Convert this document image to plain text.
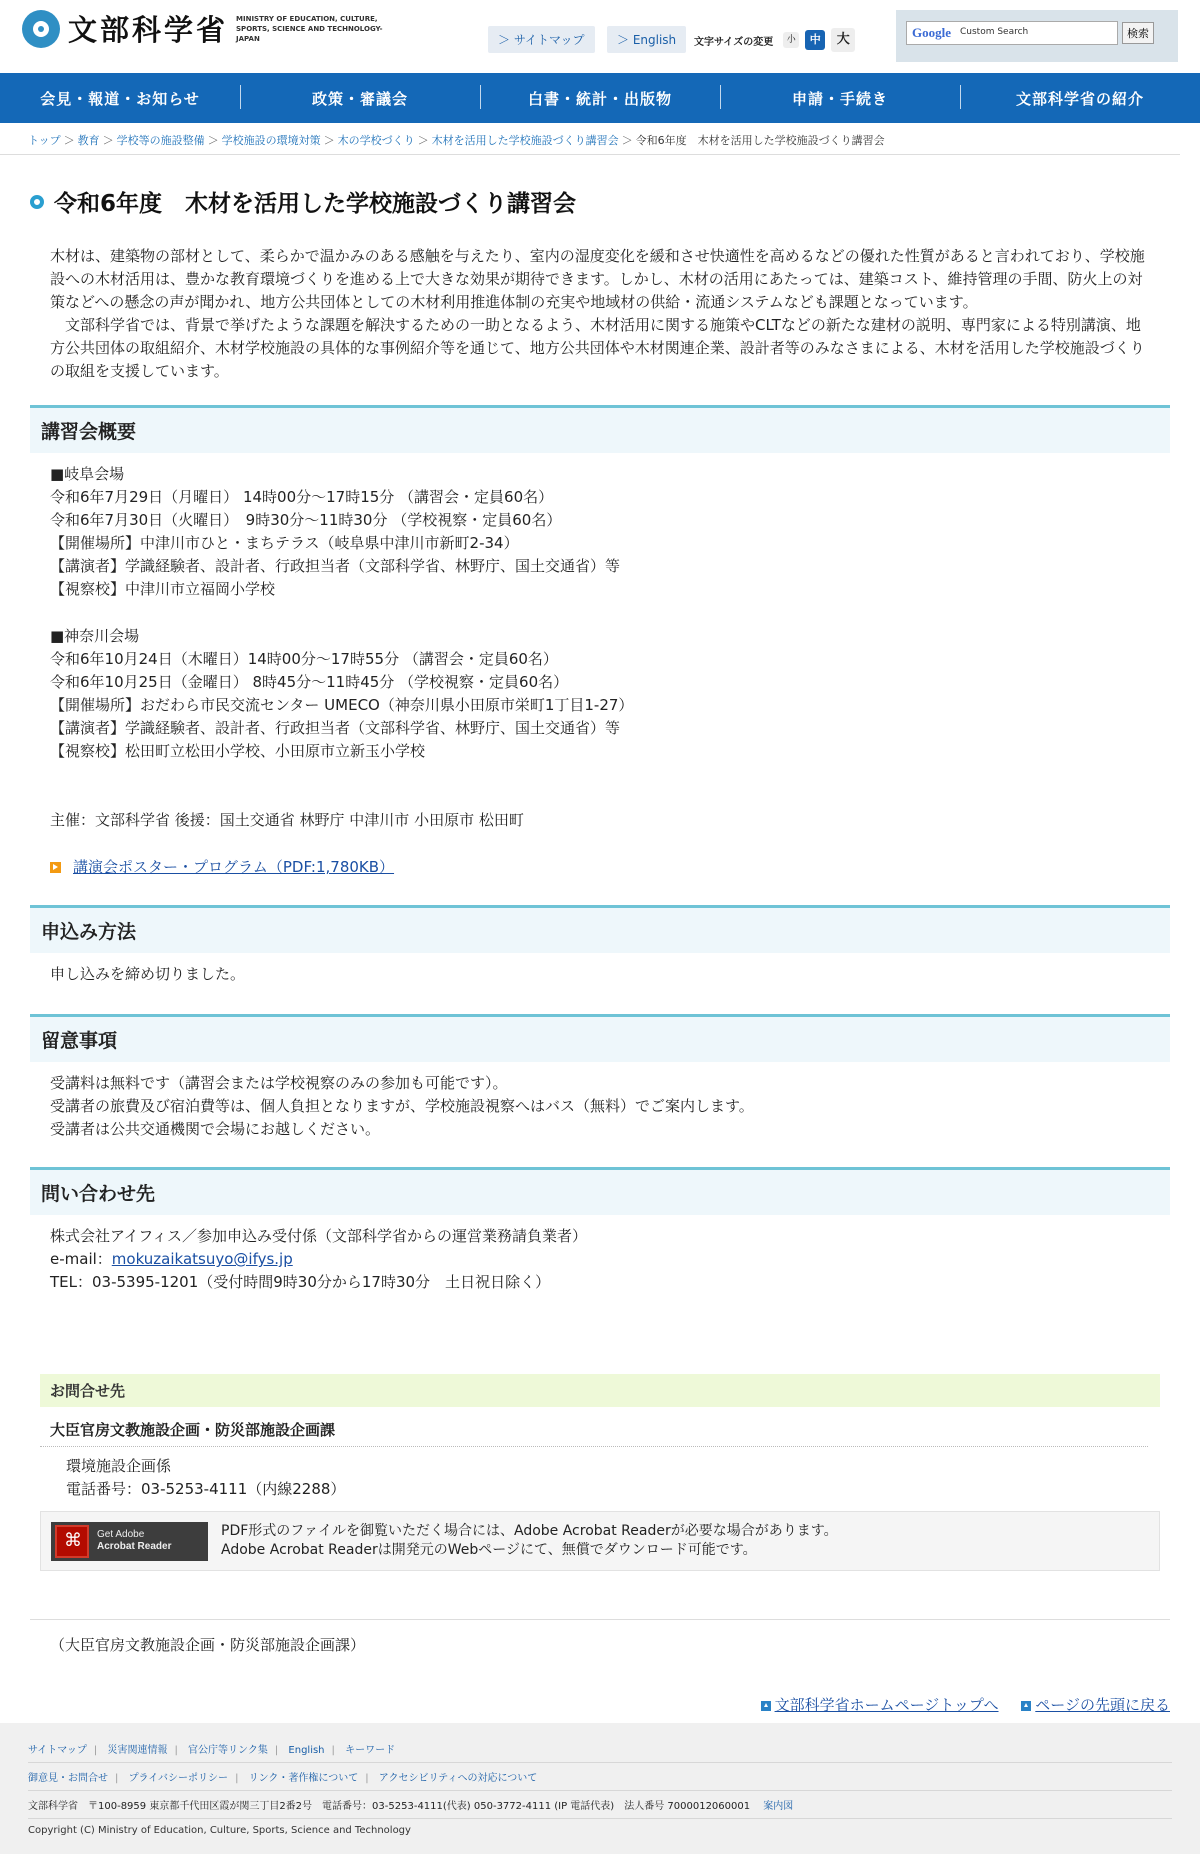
文部科学省 MINISTRY OF EDUCATION, CULTURE, SPORTS, SCIENCE AND TECHNOLOGY-JAPAN	＞ サイトマップ	＞ English	文字サイズの変更	小	中	大	Google Custom Search	検索
会見・報道・お知らせ	政策・審議会	白書・統計・出版物	申請・手続き	文部科学省の紹介
トップ ＞ 教育 ＞ 学校等の施設整備 ＞ 学校施設の環境対策 ＞ 木の学校づくり ＞ 木材を活用した学校施設づくり講習会 ＞ 令和6年度　木材を活用した学校施設づくり講習会
令和6年度　木材を活用した学校施設づくり講習会

木材は、建築物の部材として、柔らかで温かみのある感触を与えたり、室内の湿度変化を緩和させ快適性を高めるなどの優れた性質があると言われており、学校施設への木材活用は、豊かな教育環境づくりを進める上で大きな効果が期待できます。しかし、木材の活用にあたっては、建築コスト、維持管理の手間、防火上の対策などへの懸念の声が聞かれ、地方公共団体としての木材利用推進体制の充実や地域材の供給・流通システムなども課題となっています。

文部科学省では、背景で挙げたような課題を解決するための一助となるよう、木材活用に関する施策やCLTなどの新たな建材の説明、専門家による特別講演、地方公共団体の取組紹介、木材学校施設の具体的な事例紹介等を通じて、地方公共団体や木材関連企業、設計者等のみなさまによる、木材を活用した学校施設づくりの取組を支援しています。

講習会概要
■岐阜会場
令和6年7月29日（月曜日） 14時00分～17時15分 （講習会・定員60名）
令和6年7月30日（火曜日）　9時30分～11時30分 （学校視察・定員60名）
【開催場所】中津川市ひと・まちテラス（岐阜県中津川市新町2-34）
【講演者】学識経験者、設計者、行政担当者（文部科学省、林野庁、国土交通省）等
【視察校】中津川市立福岡小学校
■神奈川会場
令和6年10月24日（木曜日）14時00分～17時55分 （講習会・定員60名）
令和6年10月25日（金曜日） 8時45分～11時45分 （学校視察・定員60名）
【開催場所】おだわら市民交流センター UMECO（神奈川県小田原市栄町1丁目1-27）
【講演者】学識経験者、設計者、行政担当者（文部科学省、林野庁、国土交通省）等
【視察校】松田町立松田小学校、小田原市立新玉小学校
主催：文部科学省 後援：国土交通省 林野庁 中津川市 小田原市 松田町
講演会ポスター・プログラム（PDF:1,780KB）
申込み方法
申し込みを締め切りました。
留意事項
受講料は無料です（講習会または学校視察のみの参加も可能です）。
受講者の旅費及び宿泊費等は、個人負担となりますが、学校施設視察へはバス（無料）でご案内します。
受講者は公共交通機関で会場にお越しください。
問い合わせ先
株式会社アイフィス／参加申込み受付係（文部科学省からの運営業務請負業者）
e-mail：mokuzaikatsuyo@ifys.jp
TEL：03-5395-1201（受付時間9時30分から17時30分　土日祝日除く）
お問合せ先
大臣官房文教施設企画・防災部施設企画課
環境施設企画係
電話番号：03-5253-4111（内線2288）
⌘
Get Adobe
Acrobat Reader
PDF形式のファイルを御覧いただく場合には、Adobe Acrobat Readerが必要な場合があります。
Adobe Acrobat Readerは開発元のWebページにて、無償でダウンロード可能です。
（大臣官房文教施設企画・防災部施設企画課）
文部科学省ホームページトップへ ページの先頭に戻る
サイトマップ | 災害関連情報 | 官公庁等リンク集 | English | キーワード
御意見・お問合せ | プライバシーポリシー | リンク・著作権について | アクセシビリティへの対応について
文部科学省　〒100-8959 東京都千代田区霞が関三丁目2番2号　電話番号：03-5253-4111(代表) 050-3772-4111 (IP 電話代表)　法人番号 7000012060001 案内図
Copyright (C) Ministry of Education, Culture, Sports, Science and Technology
